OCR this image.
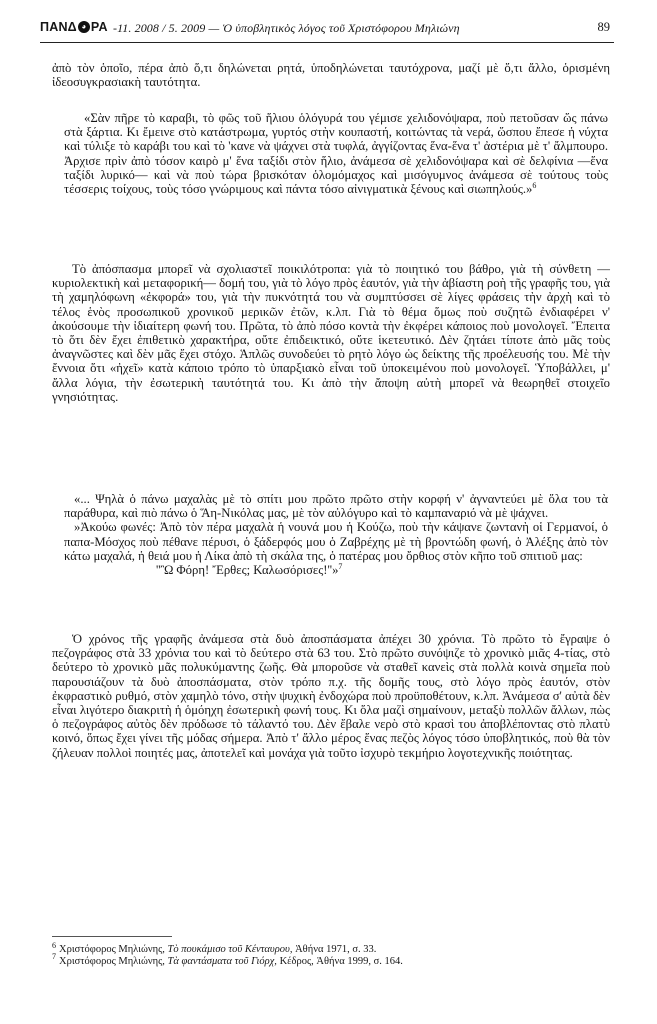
ΠΑΝΔ ◕ ΡΑ -11. 2008 / 5. 2009 — Ὁ ὑποβλητικὸς λόγος τοῦ Χριστόφορου Μηλιώνη	89

ἀπὸ τὸν ὁποῖο, πέρα ἀπὸ ὅ,τι δηλώνεται ρητά, ὑποδηλώνεται ταυτόχρονα, μαζί μὲ ὅ,τι ἄλλο, ὁρισμένη ἰδεοσυγκρασιακὴ ταυτότητα.

«Σὰν πῆρε τὸ καραβι, τὸ φῶς τοῦ ἥλιου ὁλόγυρά του γέμισε χελιδονόψαρα, ποὺ πετοῦσαν ὥς πάνω στὰ ξάρτια. Κι ἔμεινε στὸ κατάστρωμα, γυρτός στὴν κουπαστή, κοιτώντας τὰ νερά, ὥσπου ἔπεσε ἡ νύχτα καὶ τύλιξε τὸ καράβι του καὶ τὸ 'κανε νὰ ψάχνει στὰ τυφλά, ἀγγίζοντας ἕνα-ἕνα τ' ἀστέρια μὲ τ' ἄλμπουρο. Ἀρχισε πρὶν ἀπὸ τόσον καιρὸ μ' ἕνα ταξίδι στὸν ἥλιο, ἀνάμεσα σὲ χελιδονόψαρα καὶ σὲ δελφίνια —ἕνα ταξίδι λυρικό— καὶ νὰ ποὺ τώρα βρισκόταν ὁλομόμαχος καὶ μισόγυμνος ἀνάμεσα σὲ τούτους τοὺς τέσσερις τοίχους, τοὺς τόσο γνώριμους καὶ πάντα τόσο αἰνιγματικὰ ξένους καὶ σιωπηλούς.»$^6$

Τὸ ἀπόσπασμα μπορεῖ νὰ σχολιαστεῖ ποικιλότροπα: γιὰ τὸ ποιητικό του βάθρο, γιὰ τὴ σύνθετη —κυριολεκτικὴ καὶ μεταφορική— δομή του, γιὰ τὸ λόγο πρὸς ἑαυτόν, γιὰ τὴν ἀβίαστη ροὴ τῆς γραφῆς του, γιὰ τὴ χαμηλόφωνη «ἐκφορά» του, γιὰ τὴν πυκνότητά του νὰ συμπτύσσει σὲ λίγες φράσεις τὴν ἀρχὴ καὶ τὸ τέλος ἑνὸς προσωπικοῦ χρονικοῦ μερικῶν ἐτῶν, κ.λπ. Γιὰ τὸ θέμα ὅμως ποὺ συζητῶ ἐνδιαφέρει ν' ἀκούσουμε τὴν ἰδιαίτερη φωνή του. Πρῶτα, τὸ ἀπὸ πόσο κοντὰ τὴν ἐκφέρει κάποιος ποὺ μονολογεῖ. Ἔπειτα τὸ ὅτι δὲν ἔχει ἐπιθετικὸ χαρακτήρα, οὔτε ἐπιδεικτικό, οὔτε ἱκετευτικό. Δὲν ζητάει τίποτε ἀπὸ μᾶς τοὺς ἀναγνῶστες καὶ δὲν μᾶς ἔχει στόχο. Ἁπλῶς συνοδεύει τὸ ρητὸ λόγο ὡς δείκτης τῆς προέλευσής του. Μὲ τὴν ἔννοια ὅτι «ἠχεῖ» κατὰ κάποιο τρόπο τὸ ὑπαρξιακὸ εἶναι τοῦ ὑποκειμένου ποὺ μονολογεῖ. Ὑποβάλλει, μ' ἄλλα λόγια, τὴν ἐσωτερικὴ ταυτότητά του. Κι ἀπὸ τὴν ἄποψη αὐτὴ μπορεῖ νὰ θεωρηθεῖ στοιχεῖο γνησιότητας.

«... Ψηλὰ ὁ πάνω μαχαλὰς μὲ τὸ σπίτι μου πρῶτο πρῶτο στὴν κορφή ν' ἀγναντεύει μὲ ὅλα του τὰ παράθυρα, καὶ πιὸ πάνω ὁ Ἅη-Νικόλας μας, μὲ τὸν αὐλόγυρο καὶ τὸ καμπαναριό νὰ μὲ ψάχνει.

»Ἀκούω φωνές: Ἀπὸ τὸν πέρα μαχαλὰ ἡ νουνά μου ἡ Κούζω, ποὺ τὴν κάψανε ζωντανὴ οἱ Γερμανοί, ὁ παπα-Μόσχος ποὺ πέθανε πέρυσι, ὁ ξάδερφός μου ὁ Ζαβρέχης μὲ τὴ βροντώδη φωνή, ὁ Ἀλέξης ἀπὸ τὸν κάτω μαχαλά, ἡ θειά μου ἡ Λίκα ἀπὸ τὴ σκάλα της, ὁ πατέρας μου ὄρθιος στὸν κῆπο τοῦ σπιτιοῦ μας:

''Ὢ Φόρη! Ἔρθες; Καλωσόρισες!''»$^7$

Ὁ χρόνος τῆς γραφῆς ἀνάμεσα στὰ δυὸ ἀποσπάσματα ἀπέχει 30 χρόνια. Τὸ πρῶτο τὸ ἔγραψε ὁ πεζογράφος στὰ 33 χρόνια του καὶ τὸ δεύτερο στὰ 63 του. Στὸ πρῶτο συνόψιζε τὸ χρονικὸ μιᾶς 4-τίας, στὸ δεύτερο τὸ χρονικὸ μᾶς πολυκύμαντης ζωῆς. Θὰ μποροῦσε νὰ σταθεῖ κανεὶς στὰ πολλὰ κοινὰ σημεῖα ποὺ παρουσιάζουν τὰ δυὸ ἀποσπάσματα, στὸν τρόπο π.χ. τῆς δομῆς τους, στὸ λόγο πρὸς ἑαυτόν, στὸν ἐκφραστικὸ ρυθμό, στὸν χαμηλὸ τόνο, στὴν ψυχικὴ ἐνδοχώρα ποὺ προϋποθέτουν, κ.λπ. Ἀνάμεσα σ' αὐτὰ δὲν εἶναι λιγότερο διακριτὴ ἡ ὁμόηχη ἐσωτερικὴ φωνή τους. Κι ὅλα μαζὶ σημαίνουν, μεταξὺ πολλῶν ἄλλων, πὼς ὁ πεζογράφος αὐτὸς δὲν πρόδωσε τὸ τάλαντό του. Δὲν ἔβαλε νερὸ στὸ κρασὶ του ἀποβλέποντας στὸ πλατὺ κοινό, ὅπως ἔχει γίνει τῆς μόδας σήμερα. Ἀπὸ τ' ἄλλο μέρος ἕνας πεζὸς λόγος τόσο ὑποβλητικός, ποὺ θὰ τὸν ζήλευαν πολλοὶ ποιητές μας, ἀποτελεῖ καὶ μονάχα γιὰ τοῦτο ἰσχυρὸ τεκμήριο λογοτεχνικῆς ποιότητας.

$^6$ Χριστόφορος Μηλιώνης, Τὸ πουκάμισο τοῦ Κένταυρου, Ἀθήνα 1971, σ. 33.
$^7$ Χριστόφορος Μηλιώνης, Τὰ φαντάσματα τοῦ Γιόρχ, Κέδρος, Ἀθήνα 1999, σ. 164.
